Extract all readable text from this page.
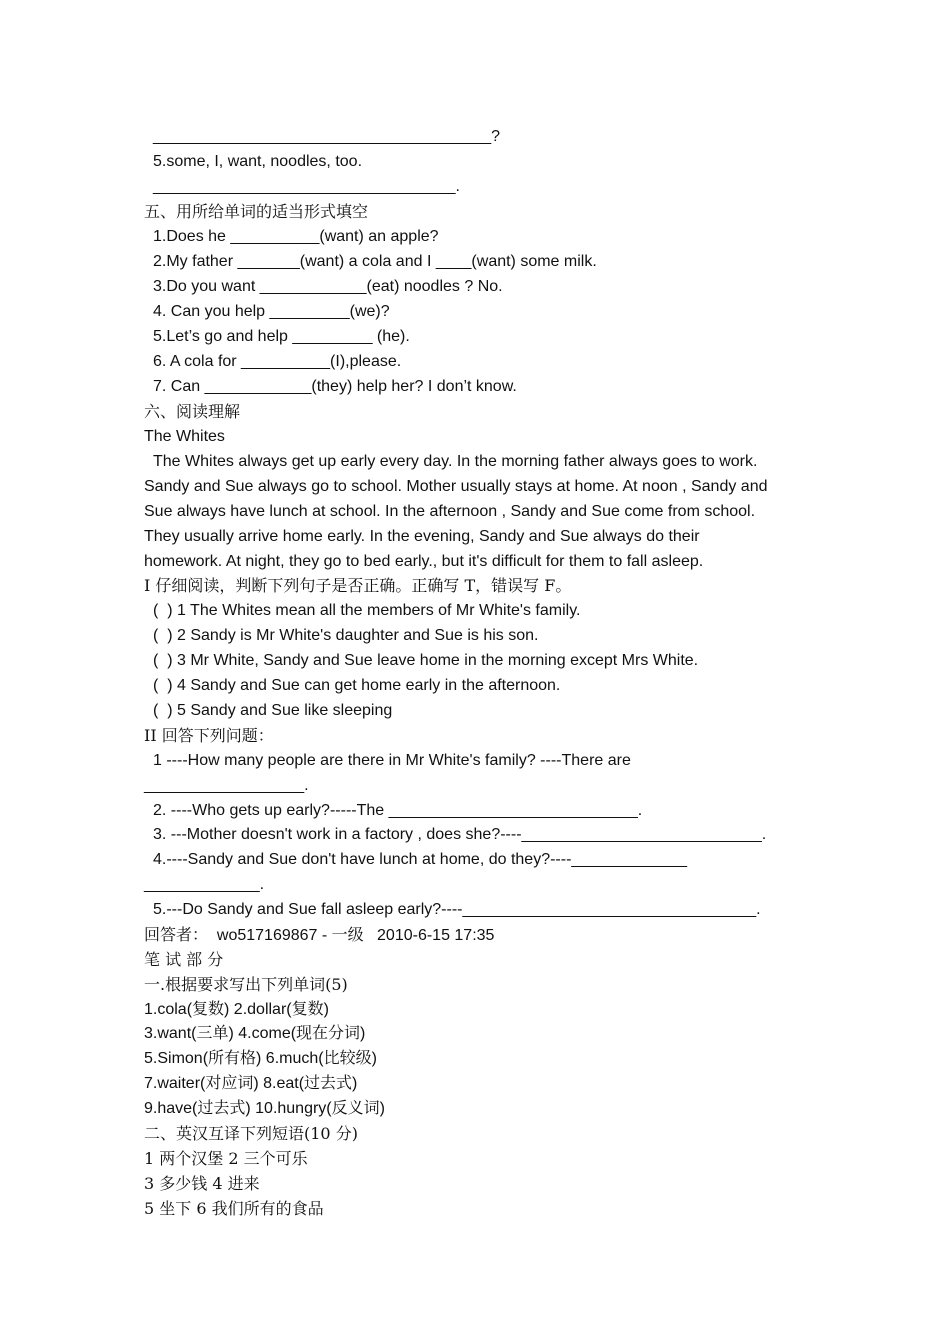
______________________________________?
5.some, I, want, noodles, too.
__________________________________.
五、用所给单词的适当形式填空
1.Does he __________(want) an apple?
2.My father _______(want) a cola and I ____(want) some milk.
3.Do you want ____________(eat) noodles ? No.
4. Can you help _________(we)?
5.Let’s go and help _________ (he).
6. A cola for __________(I),please.
7. Can ____________(they) help her? I don’t know.
六、阅读理解
The Whites
The Whites always get up early every day. In the morning father always goes to work.
Sandy and Sue always go to school. Mother usually stays at home. At noon , Sandy and
Sue always have lunch at school. In the afternoon , Sandy and Sue come from school.
They usually arrive home early. In the evening, Sandy and Sue always do their
homework. At night, they go to bed early., but it's difficult for them to fall asleep.
I 仔细阅读，判断下列句子是否正确。正确写 T，错误写 F。
(  ) 1 The Whites mean all the members of Mr White's family.
(  ) 2 Sandy is Mr White's daughter and Sue is his son.
(  ) 3 Mr White, Sandy and Sue leave home in the morning except Mrs White.
(  ) 4 Sandy and Sue can get home early in the afternoon.
(  ) 5 Sandy and Sue like sleeping
II 回答下列问题：
1 ----How many people are there in Mr White's family? ----There are
__________________.
2. ----Who gets up early?-----The ____________________________.
3. ---Mother doesn't work in a factory , does she?----___________________________.
4.----Sandy and Sue don't have lunch at home, do they?----_____________
_____________.
5.---Do Sandy and Sue fall asleep early?----_________________________________.
回答者： wo517169867 - 一级 2010-6-15 17:35
笔 试 部 分
一.根据要求写出下列单词(5)
1.cola(复数) 2.dollar(复数)
3.want(三单) 4.come(现在分词)
5.Simon(所有格) 6.much(比较级)
7.waiter(对应词) 8.eat(过去式)
9.have(过去式) 10.hungry(反义词)
二、英汉互译下列短语(10 分)
1 两个汉堡 2 三个可乐
3 多少钱 4 进来
5 坐下 6 我们所有的食品
